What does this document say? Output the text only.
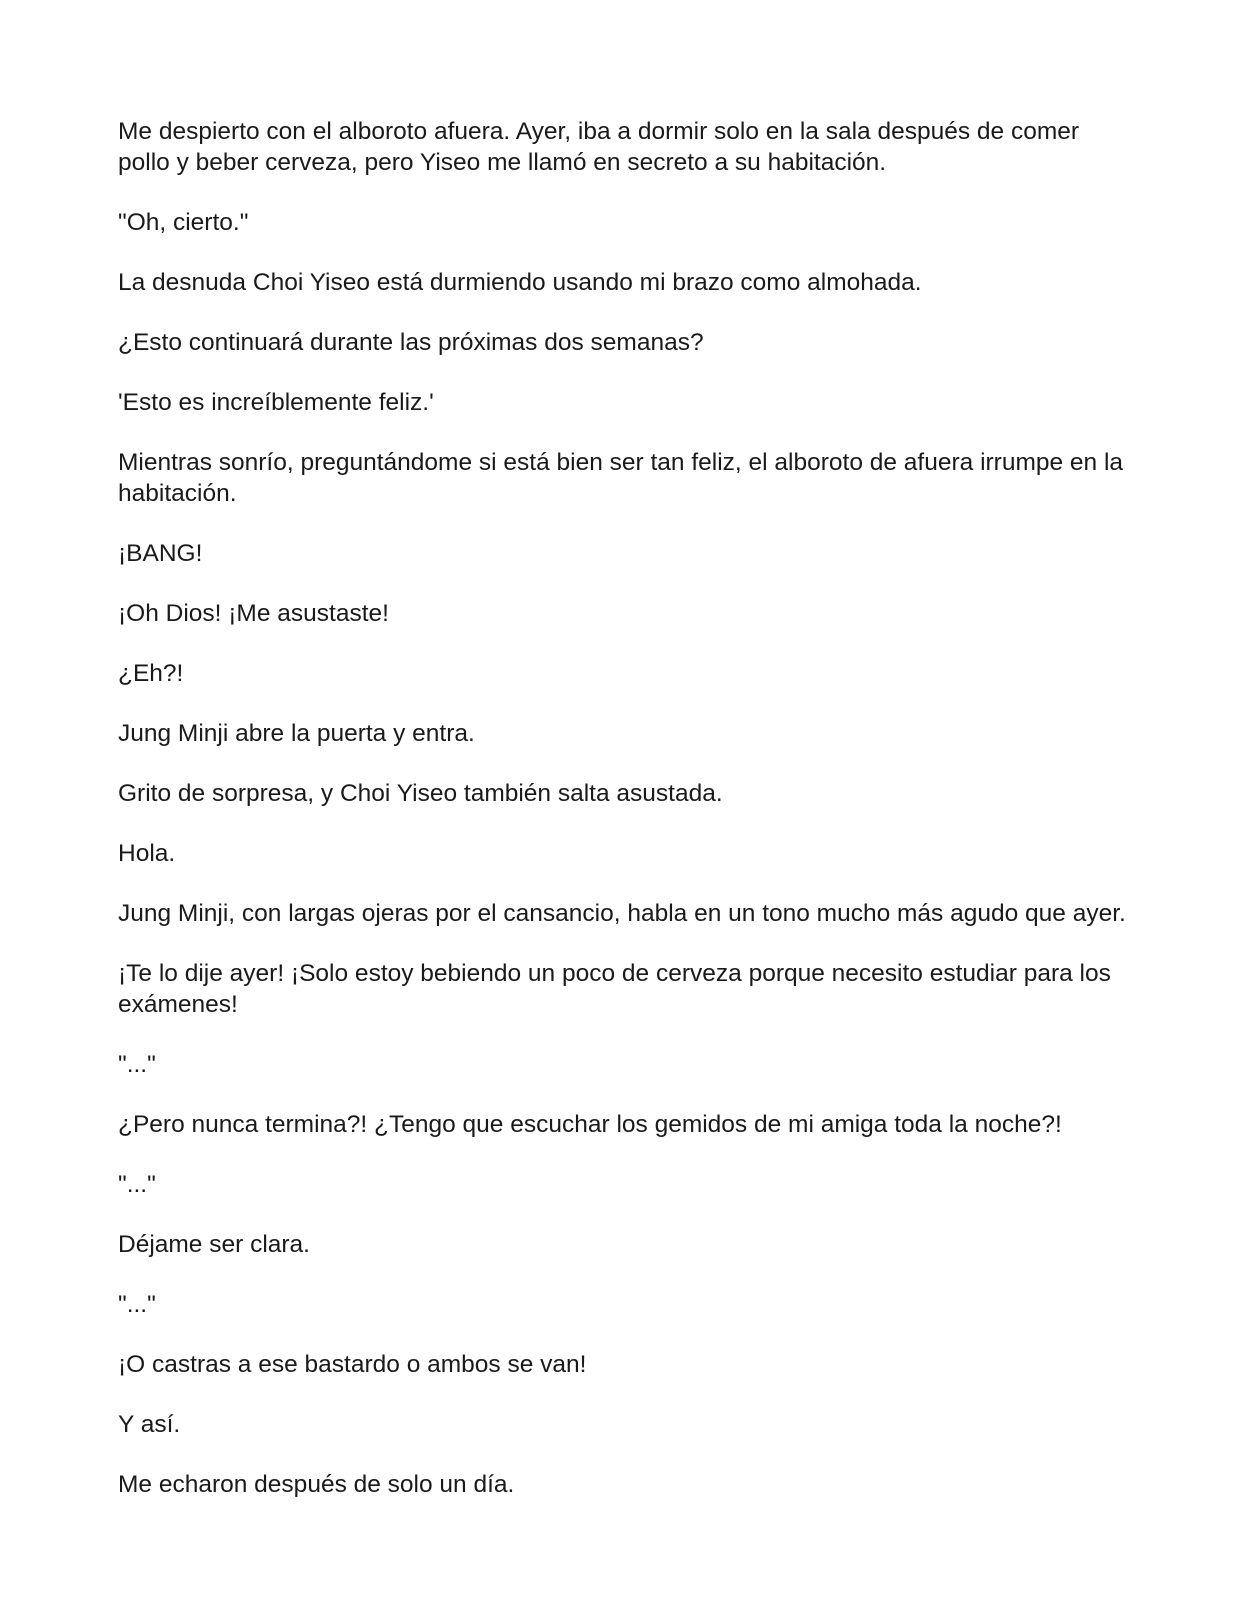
Me despierto con el alboroto afuera. Ayer, iba a dormir solo en la sala después de comer pollo y beber cerveza, pero Yiseo me llamó en secreto a su habitación.

"Oh, cierto."

La desnuda Choi Yiseo está durmiendo usando mi brazo como almohada.

¿Esto continuará durante las próximas dos semanas?

'Esto es increíblemente feliz.'

Mientras sonrío, preguntándome si está bien ser tan feliz, el alboroto de afuera irrumpe en la habitación.

¡BANG!

¡Oh Dios! ¡Me asustaste!

¿Eh?!

Jung Minji abre la puerta y entra.

Grito de sorpresa, y Choi Yiseo también salta asustada.

Hola.

Jung Minji, con largas ojeras por el cansancio, habla en un tono mucho más agudo que ayer.

¡Te lo dije ayer! ¡Solo estoy bebiendo un poco de cerveza porque necesito estudiar para los exámenes!

"..."

¿Pero nunca termina?! ¿Tengo que escuchar los gemidos de mi amiga toda la noche?!

"..."

Déjame ser clara.

"..."

¡O castras a ese bastardo o ambos se van!

Y así.

Me echaron después de solo un día.
